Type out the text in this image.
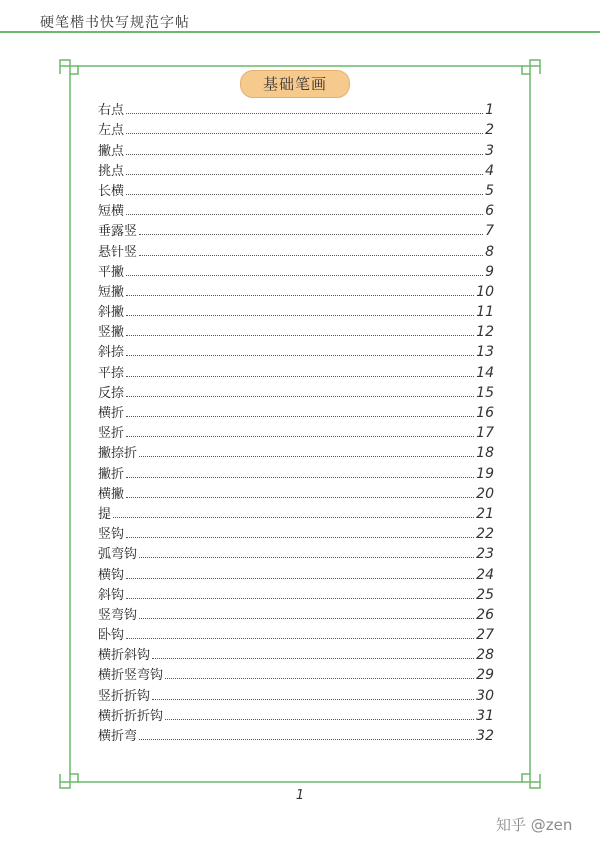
硬笔楷书快写规范字帖
基础笔画
右点	1
左点	2
撇点	3
挑点	4
长横	5
短横	6
垂露竖	7
悬针竖	8
平撇	9
短撇	10
斜撇	11
竖撇	12
斜捺	13
平捺	14
反捺	15
横折	16
竖折	17
撇捺折	18
撇折	19
横撇	20
提	21
竖钩	22
弧弯钩	23
横钩	24
斜钩	25
竖弯钩	26
卧钩	27
横折斜钩	28
横折竖弯钩	29
竖折折钩	30
横折折折钩	31
横折弯	32
1
知乎 @zen
